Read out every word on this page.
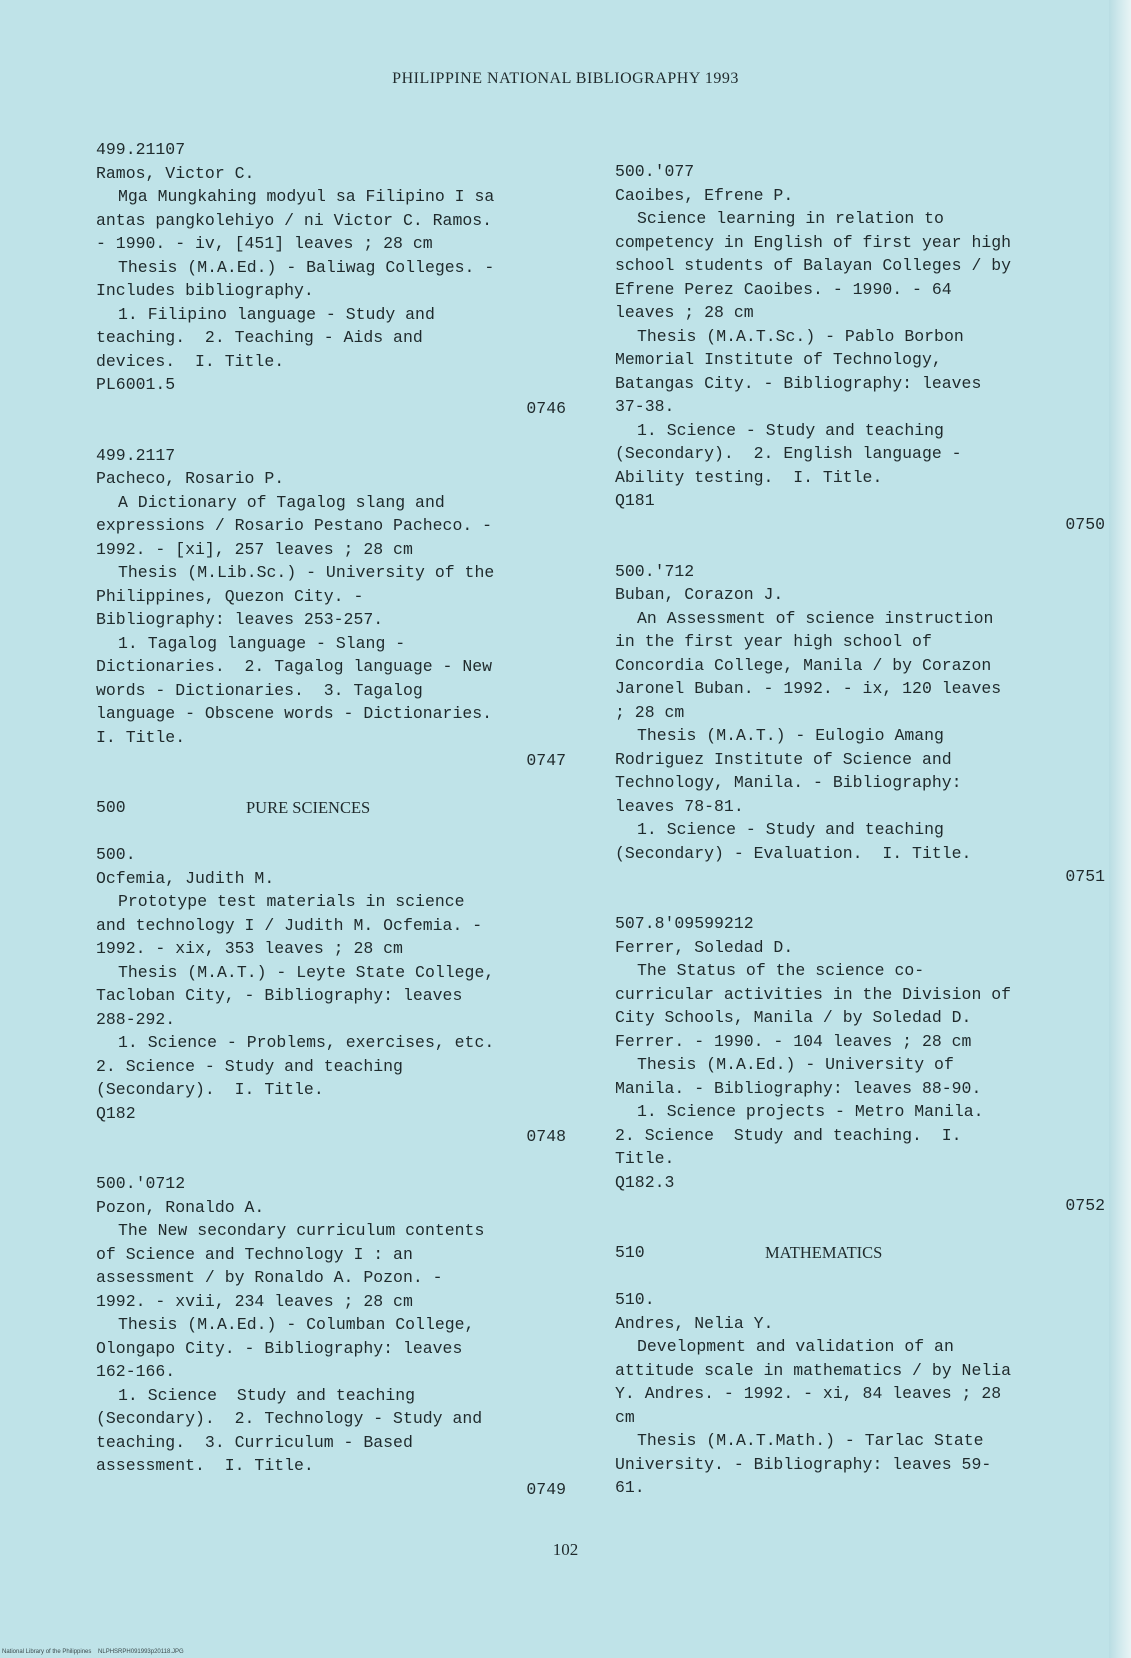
PHILIPPINE NATIONAL BIBLIOGRAPHY 1993
499.21107
Ramos, Victor C.
Mga Mungkahing modyul sa Filipino I sa
antas pangkolehiyo / ni Victor C. Ramos.
- 1990. - iv, [451] leaves ; 28 cm
Thesis (M.A.Ed.) - Baliwag Colleges. -
Includes bibliography.
1. Filipino language - Study and
teaching.  2. Teaching - Aids and
devices.  I. Title.
PL6001.5
0746
499.2117
Pacheco, Rosario P.
A Dictionary of Tagalog slang and
expressions / Rosario Pestano Pacheco. -
1992. - [xi], 257 leaves ; 28 cm
Thesis (M.Lib.Sc.) - University of the
Philippines, Quezon City. -
Bibliography: leaves 253-257.
1. Tagalog language - Slang -
Dictionaries.  2. Tagalog language - New
words - Dictionaries.  3. Tagalog
language - Obscene words - Dictionaries.
I. Title.
0747
500	PURE SCIENCES
500.
Ocfemia, Judith M.
Prototype test materials in science
and technology I / Judith M. Ocfemia. -
1992. - xix, 353 leaves ; 28 cm
Thesis (M.A.T.) - Leyte State College,
Tacloban City, - Bibliography: leaves
288-292.
1. Science - Problems, exercises, etc.
2. Science - Study and teaching
(Secondary).  I. Title.
Q182
0748
500.'0712
Pozon, Ronaldo A.
The New secondary curriculum contents
of Science and Technology I : an
assessment / by Ronaldo A. Pozon. -
1992. - xvii, 234 leaves ; 28 cm
Thesis (M.A.Ed.) - Columban College,
Olongapo City. - Bibliography: leaves
162-166.
1. Science  Study and teaching
(Secondary).  2. Technology - Study and
teaching.  3. Curriculum - Based
assessment.  I. Title.
0749
500.'077
Caoibes, Efrene P.
Science learning in relation to
competency in English of first year high
school students of Balayan Colleges / by
Efrene Perez Caoibes. - 1990. - 64
leaves ; 28 cm
Thesis (M.A.T.Sc.) - Pablo Borbon
Memorial Institute of Technology,
Batangas City. - Bibliography: leaves
37-38.
1. Science - Study and teaching
(Secondary).  2. English language -
Ability testing.  I. Title.
Q181
0750
500.'712
Buban, Corazon J.
An Assessment of science instruction
in the first year high school of
Concordia College, Manila / by Corazon
Jaronel Buban. - 1992. - ix, 120 leaves
; 28 cm
Thesis (M.A.T.) - Eulogio Amang
Rodriguez Institute of Science and
Technology, Manila. - Bibliography:
leaves 78-81.
1. Science - Study and teaching
(Secondary) - Evaluation.  I. Title.
0751
507.8'09599212
Ferrer, Soledad D.
The Status of the science co-
curricular activities in the Division of
City Schools, Manila / by Soledad D.
Ferrer. - 1990. - 104 leaves ; 28 cm
Thesis (M.A.Ed.) - University of
Manila. - Bibliography: leaves 88-90.
1. Science projects - Metro Manila.
2. Science  Study and teaching.  I.
Title.
Q182.3
0752
510	MATHEMATICS
510.
Andres, Nelia Y.
Development and validation of an
attitude scale in mathematics / by Nelia
Y. Andres. - 1992. - xi, 84 leaves ; 28
cm
Thesis (M.A.T.Math.) - Tarlac State
University. - Bibliography: leaves 59-
61.
102
National Library of the Philippines    NLPHSRPH091993p20118.JPG
